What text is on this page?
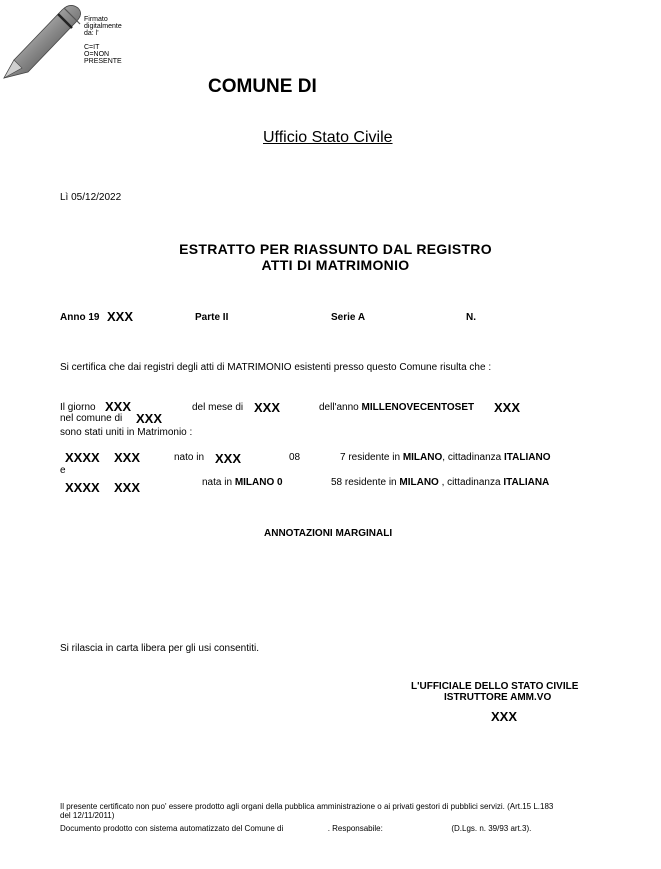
Firmato
digitalmente
da: l'
C=IT
O=NON
PRESENTE
COMUNE DI
Ufficio Stato Civile
Lì 05/12/2022
ESTRATTO PER RIASSUNTO DAL REGISTRO
ATTI DI MATRIMONIO
Anno 19 XXX	Parte II	Serie A	N.
Si certifica che dai registri degli atti di MATRIMONIO esistenti presso questo Comune risulta che :
Il giorno XXX	del mese di XXX	dell'anno MILLENOVECENTOSET XXX
nel comune di XXX
sono stati uniti in Matrimonio :
XXXX XXX	nato in XXX	08	7 residente in MILANO, cittadinanza ITALIANO
e
XXXX XXX	nata in MILANO 0	58 residente in MILANO , cittadinanza ITALIANA
ANNOTAZIONI MARGINALI
Si rilascia in carta libera per gli usi consentiti.
L'UFFICIALE DELLO STATO CIVILE
ISTRUTTORE AMM.VO
XXX
Il presente certificato non puo' essere prodotto agli organi della pubblica amministrazione o ai privati gestori di pubblici servizi. (Art.15 L.183
del 12/11/2011)
Documento prodotto con sistema automatizzato del Comune di	. Responsabile:	(D.Lgs. n. 39/93 art.3).
